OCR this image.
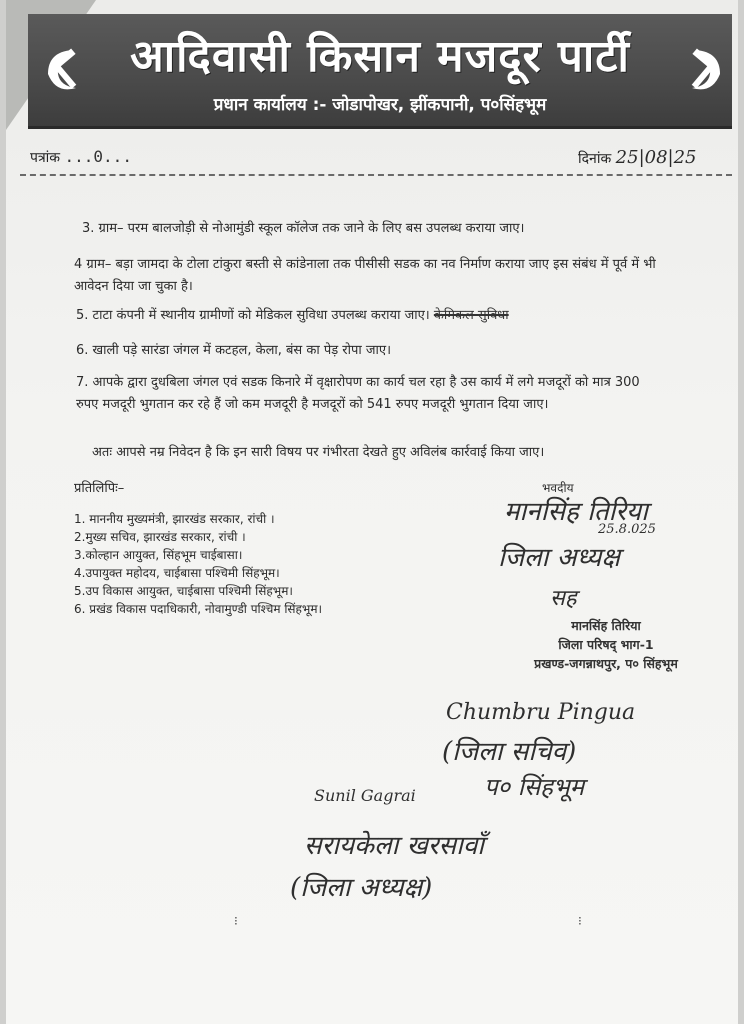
आदिवासी किसान मजदूर पार्टी
प्रधान कार्यालय :- जोडापोखर, झींकपानी, प०सिंहभूम
पत्रांक ...0...	दिनांक 25|08|25
3. ग्राम– परम बालजोड़ी से नोआमुंडी स्कूल कॉलेज तक जाने के लिए बस उपलब्ध कराया जाए।
4 ग्राम– बड़ा जामदा के टोला टांकुरा बस्ती से कांडेनाला तक पीसीसी सडक का नव निर्माण कराया जाए इस संबंध में पूर्व में भी आवेदन दिया जा चुका है।
5. टाटा कंपनी में स्थानीय ग्रामीणों को मेडिकल सुविधा उपलब्ध कराया जाए। केमिकल सुविधा
6. खाली पड़े सारंडा जंगल में कटहल, केला, बंस का पेड़ रोपा जाए।
7. आपके द्वारा दुधबिला जंगल एवं सडक किनारे में वृक्षारोपण का कार्य चल रहा है उस कार्य में लगे मजदूरों को मात्र 300 रुपए मजदूरी भुगतान कर रहे हैं जो कम मजदूरी है मजदूरों को 541 रुपए मजदूरी भुगतान दिया जाए।
अतः आपसे नम्र निवेदन है कि इन सारी विषय पर गंभीरता देखते हुए अविलंब कार्रवाई किया जाए।
प्रतिलिपिः–
1. माननीय मुख्यमंत्री, झारखंड सरकार, रांची ।
2.मुख्य सचिव, झारखंड सरकार, रांची ।
3.कोल्हान आयुक्त, सिंहभूम चाईबासा।
4.उपायुक्त महोदय, चाईबासा पश्चिमी सिंहभूम।
5.उप विकास आयुक्त, चाईबासा पश्चिमी सिंहभूम।
6. प्रखंड विकास पदाधिकारी, नोवामुण्डी पश्चिम सिंहभूम।
भवदीय
मानसिंह तिरिया
25.8.025
जिला अध्यक्ष
सह
मानसिंह तिरिया
जिला परिषद्‌ भाग-1
प्रखण्ड-जगन्नाथपुर, प० सिंहभूम
Chumbru Pingua
(जिला सचिव)
प० सिंहभूम
Sunil Gagrai
सरायकेला खरसावाँ
(जिला अध्यक्ष)
⁝	⁝
